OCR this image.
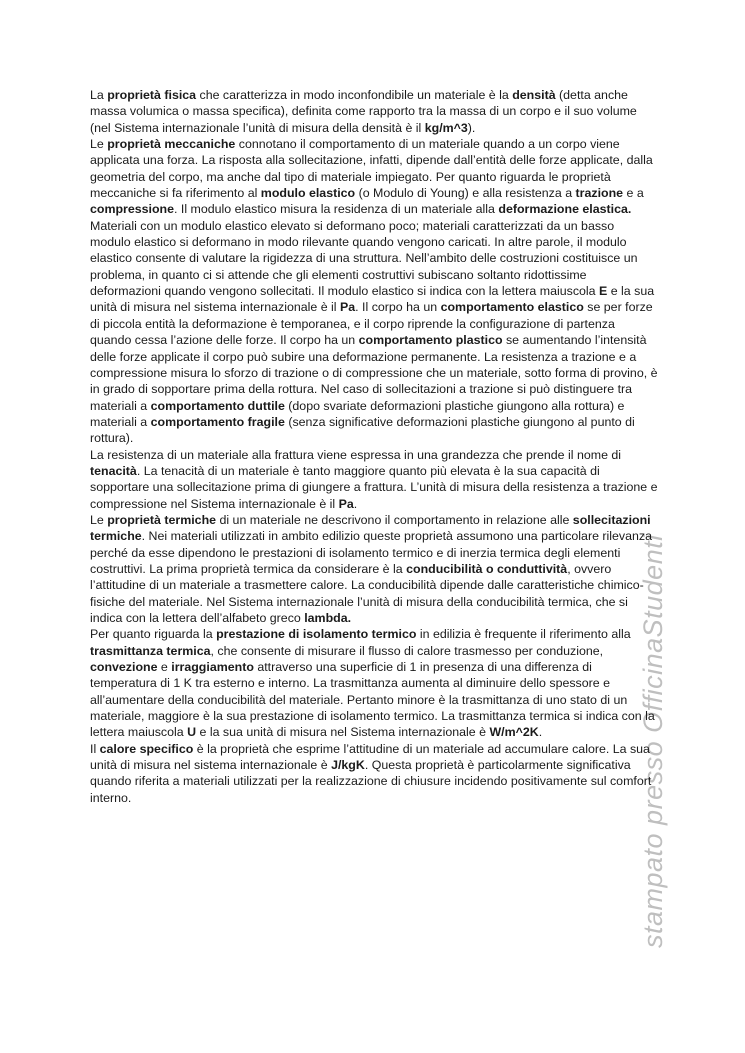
stampato presso OfficinaStudenti

La proprietà fisica che caratterizza in modo inconfondibile un materiale è la densità (detta anche massa volumica o massa specifica), definita come rapporto tra la massa di un corpo e il suo volume (nel Sistema internazionale l’unità di misura della densità è il kg/m^3).

Le proprietà meccaniche connotano il comportamento di un materiale quando a un corpo viene applicata una forza. La risposta alla sollecitazione, infatti, dipende dall’entità delle forze applicate, dalla geometria del corpo, ma anche dal tipo di materiale impiegato. Per quanto riguarda le proprietà meccaniche si fa riferimento al modulo elastico (o Modulo di Young) e alla resistenza a trazione e a compressione. Il modulo elastico misura la residenza di un materiale alla deformazione elastica. Materiali con un modulo elastico elevato si deformano poco; materiali caratterizzati da un basso modulo elastico si deformano in modo rilevante quando vengono caricati. In altre parole, il modulo elastico consente di valutare la rigidezza di una struttura. Nell’ambito delle costruzioni costituisce un problema, in quanto ci si attende che gli elementi costruttivi subiscano soltanto ridottissime deformazioni quando vengono sollecitati. Il modulo elastico si indica con la lettera maiuscola E e la sua unità di misura nel sistema internazionale è il Pa. Il corpo ha un comportamento elastico se per forze di piccola entità la deformazione è temporanea, e il corpo riprende la configurazione di partenza quando cessa l’azione delle forze. Il corpo ha un comportamento plastico se aumentando l’intensità delle forze applicate il corpo può subire una deformazione permanente. La resistenza a trazione e a compressione misura lo sforzo di trazione o di compressione che un materiale, sotto forma di provino, è in grado di sopportare prima della rottura. Nel caso di sollecitazioni a trazione si può distinguere tra materiali a comportamento duttile (dopo svariate deformazioni plastiche giungono alla rottura) e materiali a comportamento fragile (senza significative deformazioni plastiche giungono al punto di rottura).

La resistenza di un materiale alla frattura viene espressa in una grandezza che prende il nome di tenacità. La tenacità di un materiale è tanto maggiore quanto più elevata è la sua capacità di sopportare una sollecitazione prima di giungere a frattura. L’unità di misura della resistenza a trazione e compressione nel Sistema internazionale è il Pa.

Le proprietà termiche di un materiale ne descrivono il comportamento in relazione alle sollecitazioni termiche. Nei materiali utilizzati in ambito edilizio queste proprietà assumono una particolare rilevanza perché da esse dipendono le prestazioni di isolamento termico e di inerzia termica degli elementi costruttivi. La prima proprietà termica da considerare è la conducibilità o conduttività, ovvero l’attitudine di un materiale a trasmettere calore. La conducibilità dipende dalle caratteristiche chimico-fisiche del materiale. Nel Sistema internazionale l’unità di misura della conducibilità termica, che si indica con la lettera dell’alfabeto greco lambda.

Per quanto riguarda la prestazione di isolamento termico in edilizia è frequente il riferimento alla trasmittanza termica, che consente di misurare il flusso di calore trasmesso per conduzione, convezione e irraggiamento attraverso una superficie di 1 in presenza di una differenza di temperatura di 1 K tra esterno e interno. La trasmittanza aumenta al diminuire dello spessore e all’aumentare della conducibilità del materiale. Pertanto minore è la trasmittanza di uno stato di un materiale, maggiore è la sua prestazione di isolamento termico. La trasmittanza termica si indica con la lettera maiuscola U e la sua unità di misura nel Sistema internazionale è W/m^2K.

Il calore specifico è la proprietà che esprime l’attitudine di un materiale ad accumulare calore. La sua unità di misura nel sistema internazionale è J/kgK. Questa proprietà è particolarmente significativa quando riferita a materiali utilizzati per la realizzazione di chiusure incidendo positivamente sul comfort interno.
